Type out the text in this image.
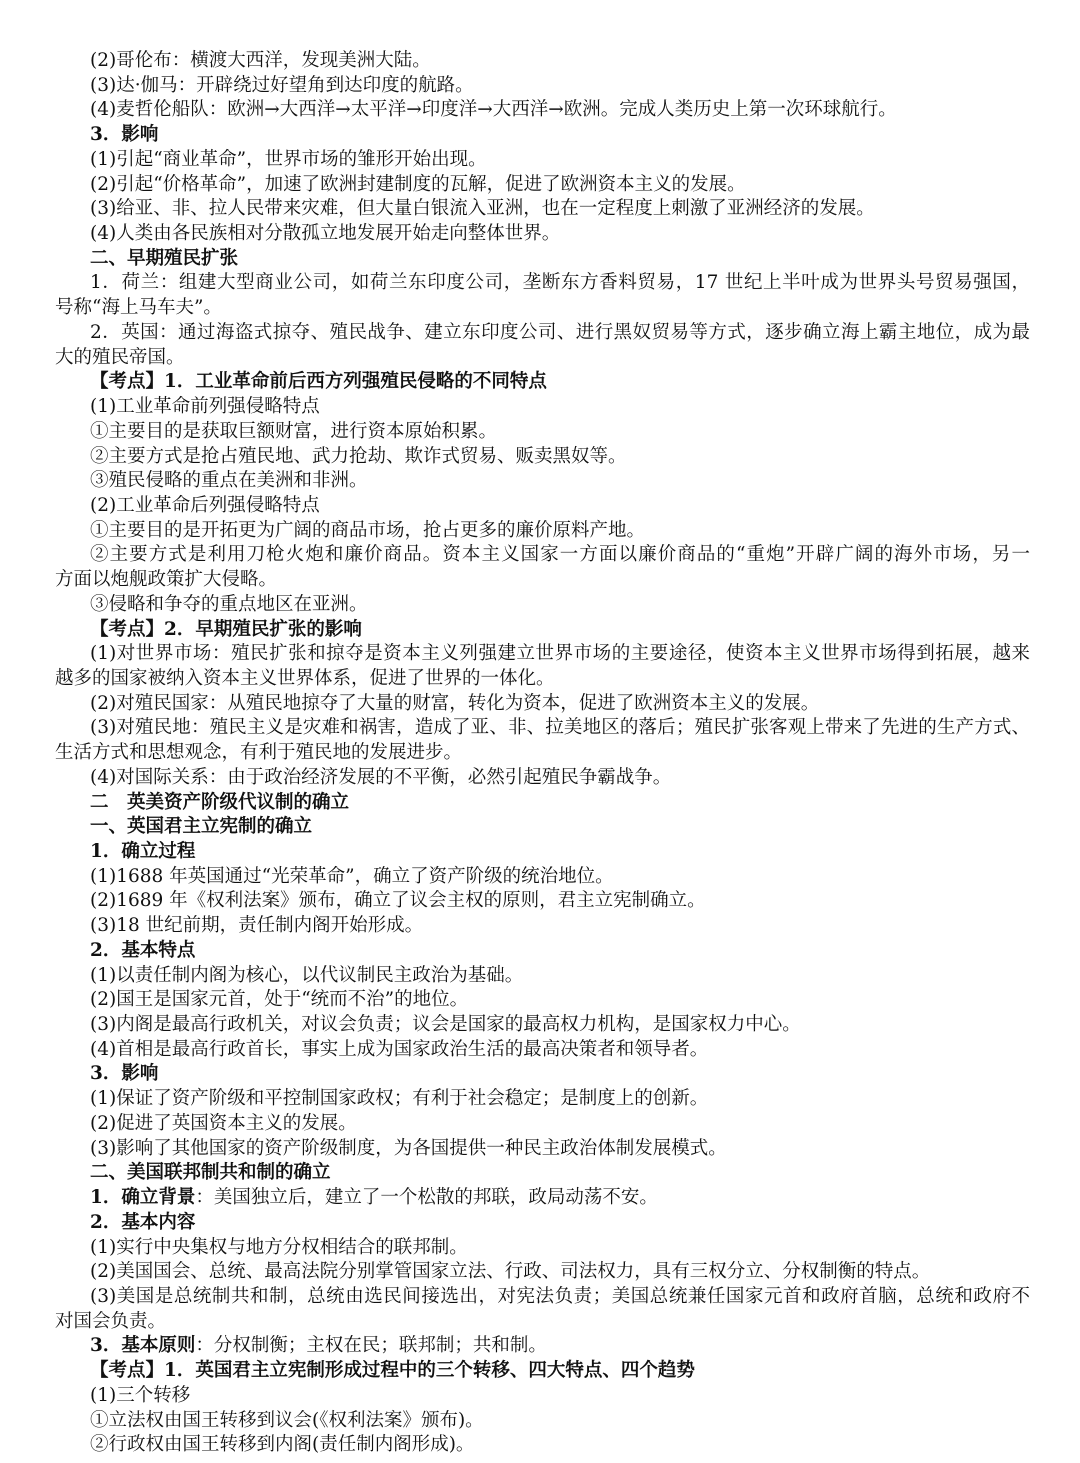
(2)哥伦布：横渡大西洋，发现美洲大陆。
(3)达·伽马：开辟绕过好望角到达印度的航路。
(4)麦哲伦船队：欧洲→大西洋→太平洋→印度洋→大西洋→欧洲。完成人类历史上第一次环球航行。
3．影响
(1)引起“商业革命”，世界市场的雏形开始出现。
(2)引起“价格革命”，加速了欧洲封建制度的瓦解，促进了欧洲资本主义的发展。
(3)给亚、非、拉人民带来灾难，但大量白银流入亚洲，也在一定程度上刺激了亚洲经济的发展。
(4)人类由各民族相对分散孤立地发展开始走向整体世界。
二、早期殖民扩张
1．荷兰：组建大型商业公司，如荷兰东印度公司，垄断东方香料贸易，17 世纪上半叶成为世界头号贸易强国，
号称“海上马车夫”。
2．英国：通过海盗式掠夺、殖民战争、建立东印度公司、进行黑奴贸易等方式，逐步确立海上霸主地位，成为最
大的殖民帝国。
【考点】1．工业革命前后西方列强殖民侵略的不同特点
(1)工业革命前列强侵略特点
①主要目的是获取巨额财富，进行资本原始积累。
②主要方式是抢占殖民地、武力抢劫、欺诈式贸易、贩卖黑奴等。
③殖民侵略的重点在美洲和非洲。
(2)工业革命后列强侵略特点
①主要目的是开拓更为广阔的商品市场，抢占更多的廉价原料产地。
②主要方式是利用刀枪火炮和廉价商品。资本主义国家一方面以廉价商品的“重炮”开辟广阔的海外市场，另一
方面以炮舰政策扩大侵略。
③侵略和争夺的重点地区在亚洲。
【考点】2．早期殖民扩张的影响
(1)对世界市场：殖民扩张和掠夺是资本主义列强建立世界市场的主要途径，使资本主义世界市场得到拓展，越来
越多的国家被纳入资本主义世界体系，促进了世界的一体化。
(2)对殖民国家：从殖民地掠夺了大量的财富，转化为资本，促进了欧洲资本主义的发展。
(3)对殖民地：殖民主义是灾难和祸害，造成了亚、非、拉美地区的落后；殖民扩张客观上带来了先进的生产方式、
生活方式和思想观念，有利于殖民地的发展进步。
(4)对国际关系：由于政治经济发展的不平衡，必然引起殖民争霸战争。
二　英美资产阶级代议制的确立
一、英国君主立宪制的确立
1．确立过程
(1)1688 年英国通过“光荣革命”，确立了资产阶级的统治地位。
(2)1689 年《权利法案》颁布，确立了议会主权的原则，君主立宪制确立。
(3)18 世纪前期，责任制内阁开始形成。
2．基本特点
(1)以责任制内阁为核心，以代议制民主政治为基础。
(2)国王是国家元首，处于“统而不治”的地位。
(3)内阁是最高行政机关，对议会负责；议会是国家的最高权力机构，是国家权力中心。
(4)首相是最高行政首长，事实上成为国家政治生活的最高决策者和领导者。
3．影响
(1)保证了资产阶级和平控制国家政权；有利于社会稳定；是制度上的创新。
(2)促进了英国资本主义的发展。
(3)影响了其他国家的资产阶级制度，为各国提供一种民主政治体制发展模式。
二、美国联邦制共和制的确立
1．确立背景：美国独立后，建立了一个松散的邦联，政局动荡不安。
2．基本内容
(1)实行中央集权与地方分权相结合的联邦制。
(2)美国国会、总统、最高法院分别掌管国家立法、行政、司法权力，具有三权分立、分权制衡的特点。
(3)美国是总统制共和制，总统由选民间接选出，对宪法负责；美国总统兼任国家元首和政府首脑，总统和政府不
对国会负责。
3．基本原则：分权制衡；主权在民；联邦制；共和制。
【考点】1．英国君主立宪制形成过程中的三个转移、四大特点、四个趋势
(1)三个转移
①立法权由国王转移到议会(《权利法案》颁布)。
②行政权由国王转移到内阁(责任制内阁形成)。
